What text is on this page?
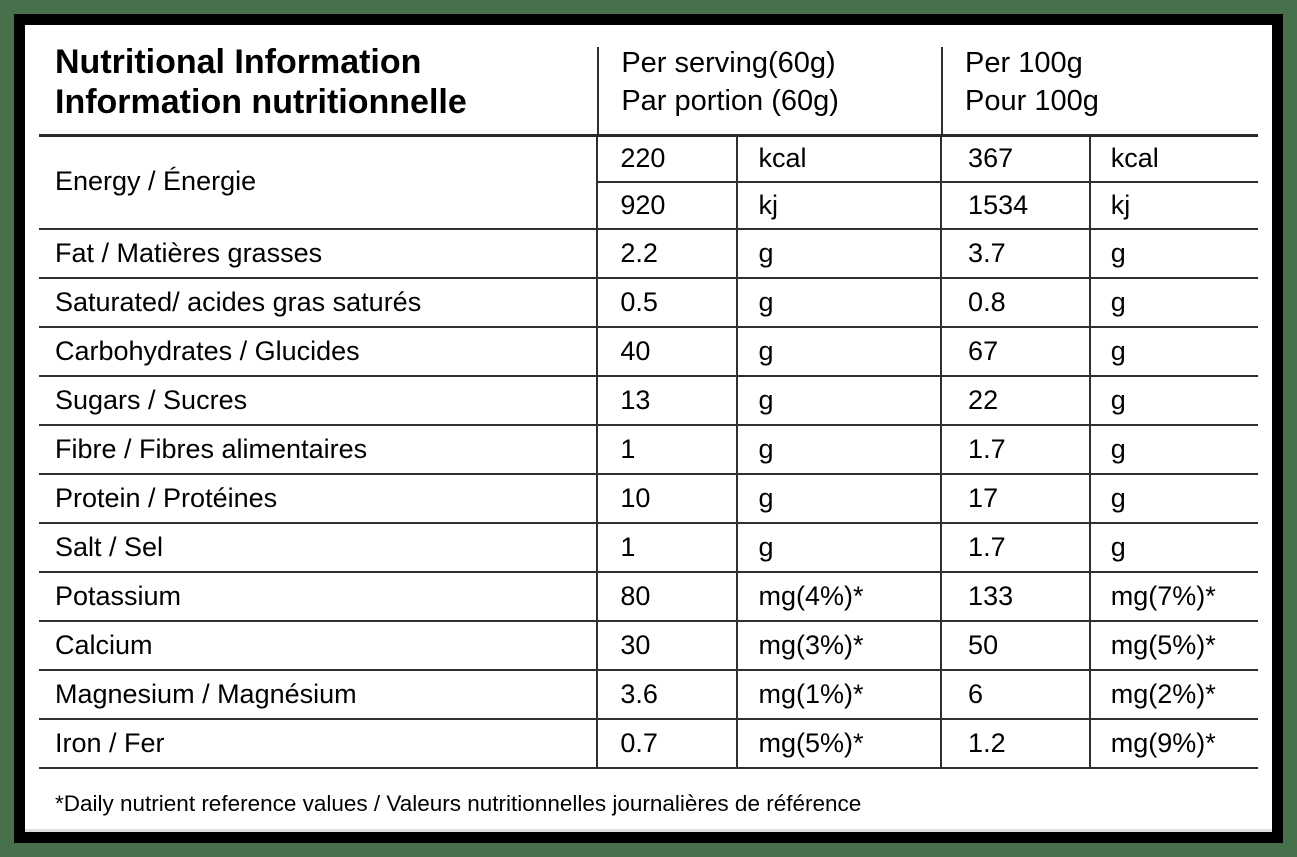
Nutritional Information
Information nutritionnelle

Per serving(60g)
Par portion (60g)

Per 100g
Pour 100g

Energy / Énergie	220	kcal	367	kcal
	920	kj	1534	kj
Fat / Matières grasses	2.2	g	3.7	g
Saturated/ acides gras saturés	0.5	g	0.8	g
Carbohydrates / Glucides	40	g	67	g
Sugars / Sucres	13	g	22	g
Fibre / Fibres alimentaires	1	g	1.7	g
Protein / Protéines	10	g	17	g
Salt / Sel	1	g	1.7	g
Potassium	80	mg(4%)*	133	mg(7%)*
Calcium	30	mg(3%)*	50	mg(5%)*
Magnesium / Magnésium	3.6	mg(1%)*	6	mg(2%)*
Iron / Fer	0.7	mg(5%)*	1.2	mg(9%)*
*Daily nutrient reference values / Valeurs nutritionnelles journalières de référence				
